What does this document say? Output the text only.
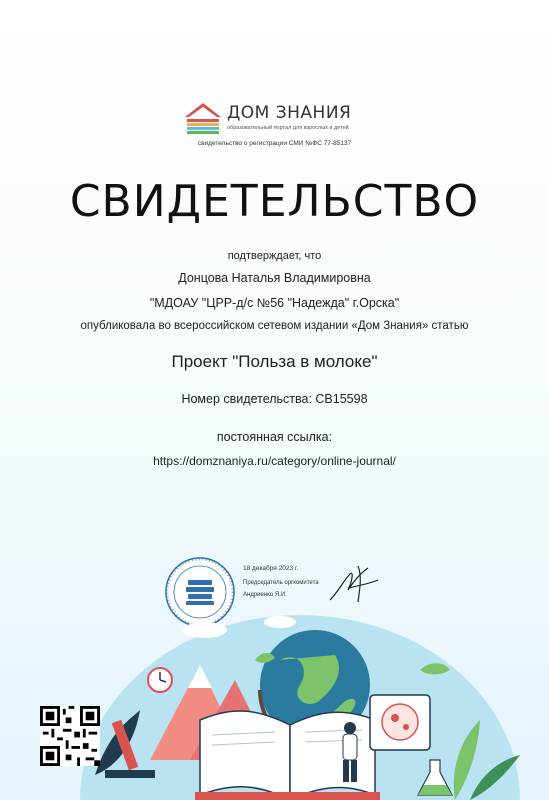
ДОМ ЗНАНИЯ
образовательный портал для взрослых и детей
свидетельство о регистрации СМИ №ФС 77-85137
СВИДЕТЕЛЬСТВО
подтверждает, что
Донцова Наталья Владимировна
"МДОАУ "ЦРР-д/с №56 "Надежда" г.Орска"
опубликовала во всероссийском сетевом издании «Дом Знания» статью
Проект "Польза в молоке"
Номер свидетельства: СВ15598
постоянная ссылка:
https://domznaniya.ru/category/online-journal/
18 декабря 2023 г.
Председатель оргкомитета
Андриенко Я.И.
